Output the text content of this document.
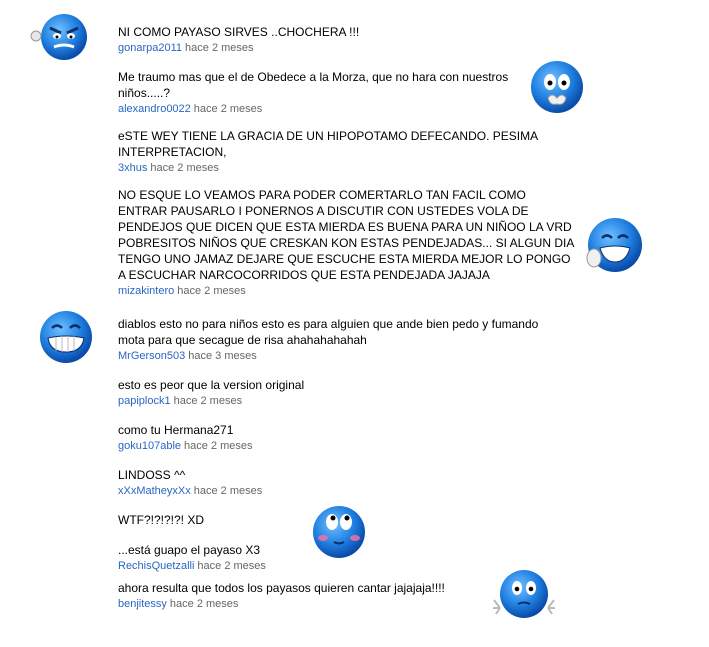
NI COMO PAYASO SIRVES ..CHOCHERA !!!
gonarpa2011 hace 2 meses
Me traumo mas que el de Obedece a la Morza, que no hara con nuestros
niños.....?
alexandro0022 hace 2 meses
eSTE WEY TIENE LA GRACIA DE UN HIPOPOTAMO DEFECANDO. PESIMA
INTERPRETACION,
3xhus hace 2 meses
NO ESQUE LO VEAMOS PARA PODER COMERTARLO TAN FACIL COMO
ENTRAR PAUSARLO I PONERNOS A DISCUTIR CON USTEDES VOLA DE
PENDEJOS QUE DICEN QUE ESTA MIERDA ES BUENA PARA UN NIÑOO LA VRD
POBRESITOS NIÑOS QUE CRESKAN KON ESTAS PENDEJADAS... SI ALGUN DIA
TENGO UNO JAMAZ DEJARE QUE ESCUCHE ESTA MIERDA MEJOR LO PONGO
A ESCUCHAR NARCOCORRIDOS QUE ESTA PENDEJADA JAJAJA
mizakintero hace 2 meses
diablos esto no para niños esto es para alguien que ande bien pedo y fumando
mota para que secague de risa ahahahahahah
MrGerson503 hace 3 meses
esto es peor que la version original
papiplock1 hace 2 meses
como tu Hermana271
goku107able hace 2 meses
LINDOSS ^^
xXxMatheyxXx hace 2 meses
WTF?!?!?!?! XD

...está guapo el payaso X3
RechisQuetzalli hace 2 meses
ahora resulta que todos los payasos quieren cantar jajajaja!!!!
benjitessy hace 2 meses
